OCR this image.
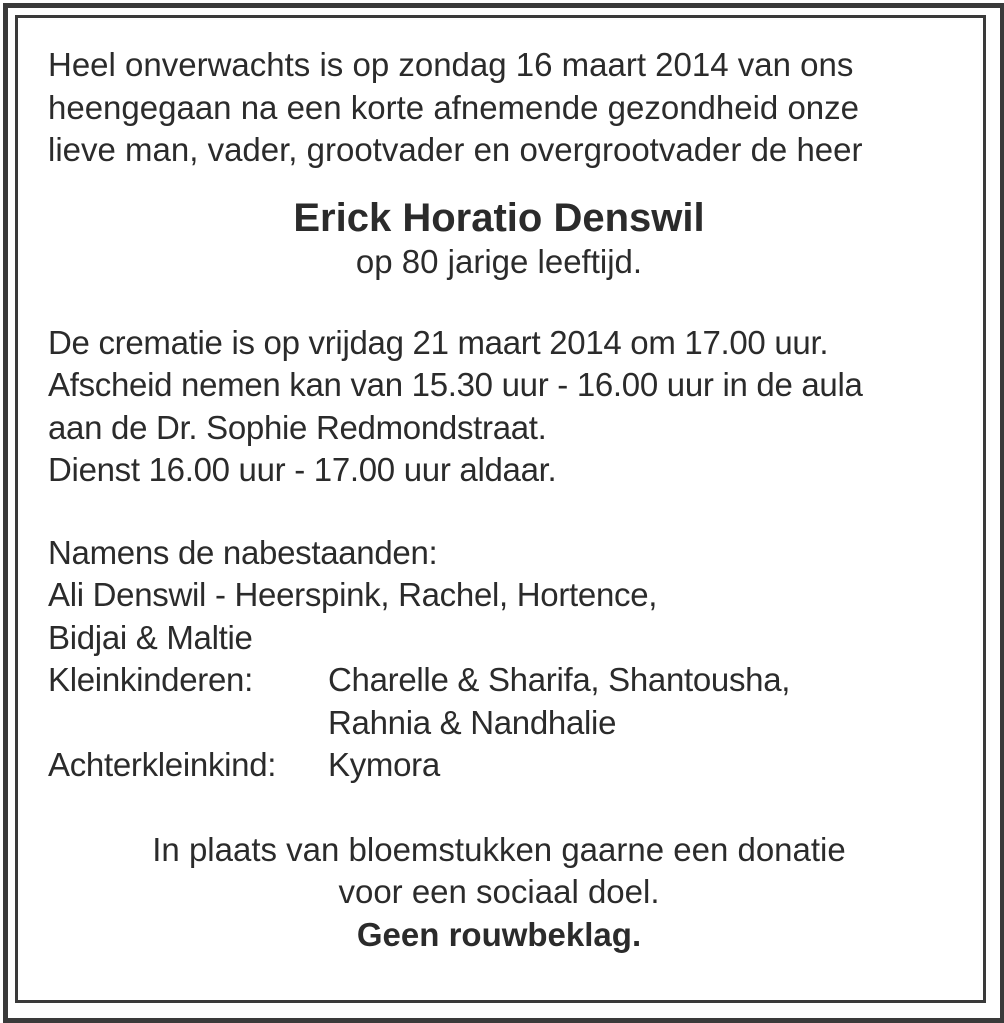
Heel onverwachts is op zondag 16 maart 2014 van ons
heengegaan na een korte afnemende gezondheid onze
lieve man, vader, grootvader en overgrootvader de heer
Erick Horatio Denswil
op 80 jarige leeftijd.
De crematie is op vrijdag 21 maart 2014 om 17.00 uur.
Afscheid nemen kan van 15.30 uur - 16.00 uur in de aula
aan de Dr. Sophie Redmondstraat.
Dienst 16.00 uur - 17.00 uur aldaar.
Namens de nabestaanden:
Ali Denswil - Heerspink, Rachel, Hortence,
Bidjai & Maltie
Kleinkinderen:	Charelle & Sharifa, Shantousha,
Rahnia & Nandhalie
Achterkleinkind:	Kymora
In plaats van bloemstukken gaarne een donatie
voor een sociaal doel.
Geen rouwbeklag.
